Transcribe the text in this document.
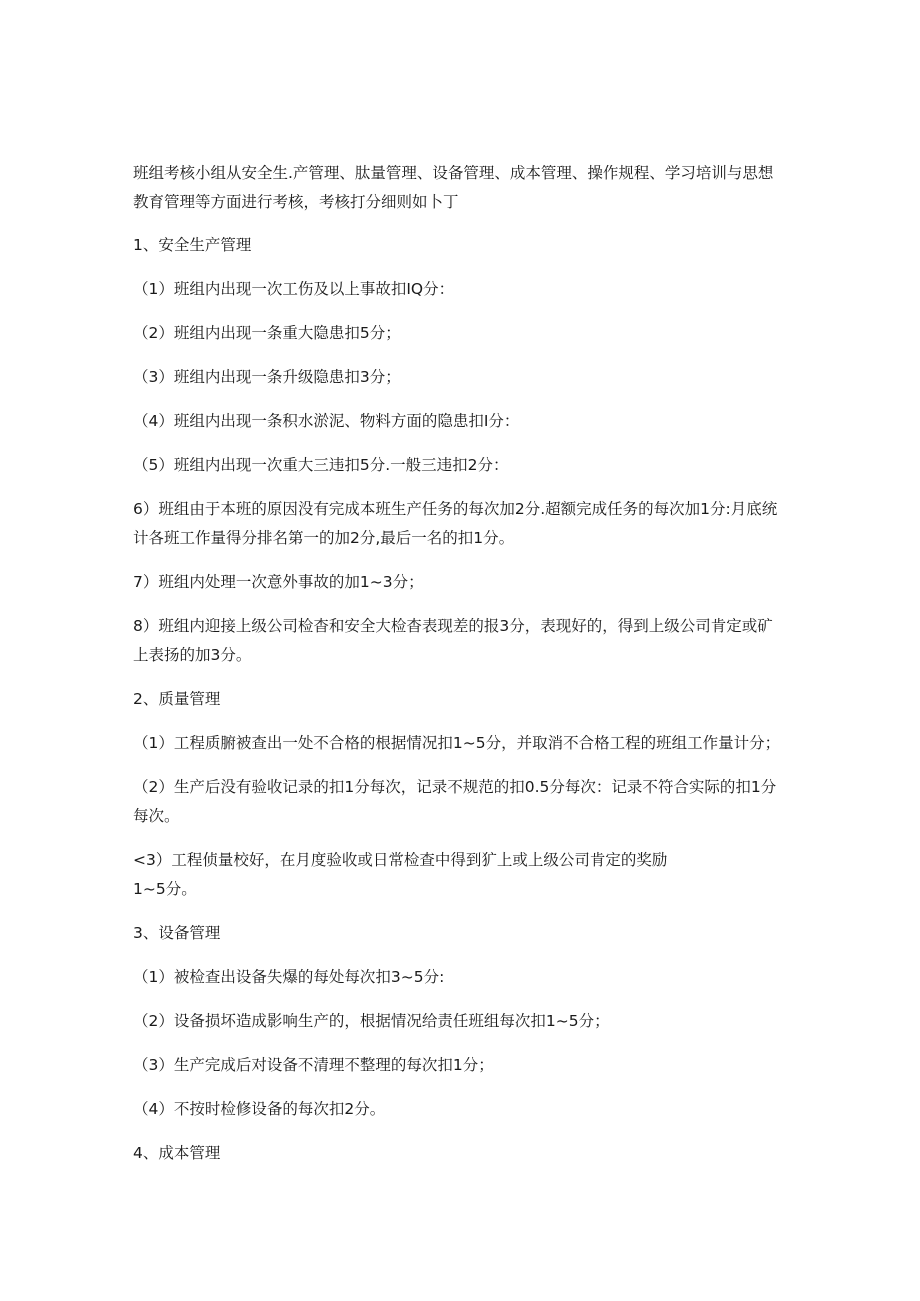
班组考核小组从安全生.产管理、肽量管理、设备管理、成本管理、操作规程、学习培训与思想教育管理等方面进行考核，考核打分细则如卜丁

1、安全生产管理

（1）班组内出现一次工伤及以上事故扣IQ分：

（2）班组内出现一条重大隐患扣5分；

（3）班组内出现一条升级隐患扣3分；

（4）班组内出现一条积水淤泥、物料方面的隐患扣I分：

（5）班组内出现一次重大三违扣5分.一般三违扣2分：

6）班组由于本班的原因没有完成本班生产任务的每次加2分.超额完成任务的每次加1分:月底统计各班工作量得分排名第一的加2分,最后一名的扣1分。

7）班组内处理一次意外事故的加1~3分；

8）班组内迎接上级公司检杳和安全大检杳表现差的报3分，表现好的，得到上级公司肯定或矿上表扬的加3分。

2、质量管理

（1）工程质腑被查出一处不合格的根据情况扣1~5分，并取消不合格工程的班组工作量计分；

（2）生产后没有验收记录的扣1分每次，记录不规范的扣0.5分每次：记录不符合实际的扣1分每次。

<3）工程侦量校好，在月度验收或日常检查中得到犷上或上级公司肯定的奖励
1~5分。

3、设备管理

（1）被检查出设备失爆的每处每次扣3~5分:

（2）设备损坏造成影响生产的，根据情况给责任班组每次扣1~5分；

（3）生产完成后对设备不清理不整理的每次扣1分；

（4）不按时检修设备的每次扣2分。

4、成本管理
